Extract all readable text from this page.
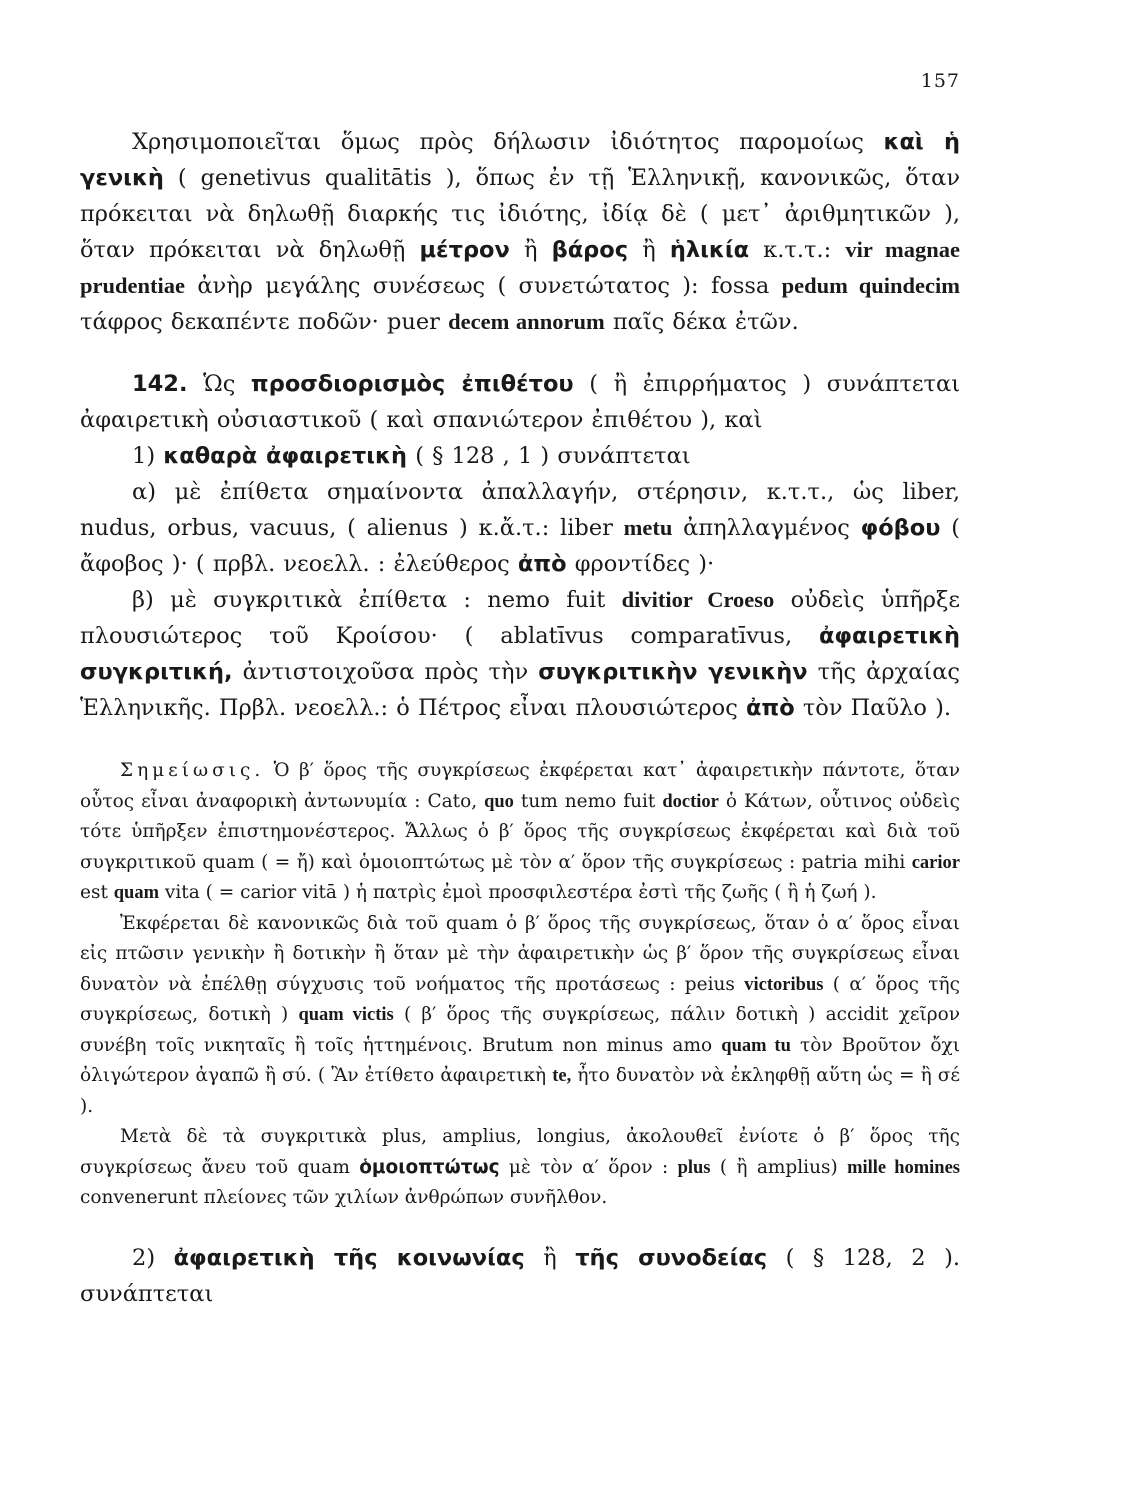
157

Χρησιμοποιεῖται ὅμως πρὸς δήλωσιν ἰδιότητος παρομοίως καὶ ἡ γενικὴ ( genetivus qualitātis ), ὅπως ἐν τῇ Ἑλληνικῇ, κανονικῶς, ὅταν πρόκειται νὰ δηλωθῇ διαρκής τις ἰδιότης, ἰδίᾳ δὲ ( μετ᾽ ἀριθμητικῶν ), ὅταν πρόκειται νὰ δηλωθῇ μέτρον ἢ βάρος ἢ ἡλικία κ.τ.τ.: vir magnae prudentiae ἀνὴρ μεγάλης συνέσεως ( συνετώτατος ): fossa pedum quindecim τάφρος δεκαπέντε ποδῶν· puer decem annorum παῖς δέκα ἐτῶν.

142. Ὡς προσδιορισμὸς ἐπιθέτου ( ἢ ἐπιρρήματος ) συνάπτεται ἀφαιρετικὴ οὐσιαστικοῦ ( καὶ σπανιώτερον ἐπιθέτου ), καὶ

1) καθαρὰ ἀφαιρετικὴ ( § 128 , 1 ) συνάπτεται

α) μὲ ἐπίθετα σημαίνοντα ἀπαλλαγήν, στέρησιν, κ.τ.τ., ὡς liber, nudus, orbus, vacuus, ( alienus ) κ.ἄ.τ.: liber metu ἀπηλλαγμένος φόβου ( ἄφοβος )· ( πρβλ. νεοελλ. : ἐλεύθερος ἀπὸ φροντίδες )·

β) μὲ συγκριτικὰ ἐπίθετα : nemo fuit divitior Croeso οὐδεὶς ὑπῆρξε πλουσιώτερος τοῦ Κροίσου· ( ablatīvus comparatīvus, ἀφαιρετικὴ συγκριτική, ἀντιστοιχοῦσα πρὸς τὴν συγκριτικὴν γενικὴν τῆς ἀρχαίας Ἑλληνικῆς. Πρβλ. νεοελλ.: ὁ Πέτρος εἶναι πλουσιώτερος ἀπὸ τὸν Παῦλο ).

Σημείωσις. Ὁ β′ ὅρος τῆς συγκρίσεως ἐκφέρεται κατ᾽ ἀφαιρετικὴν πάντοτε, ὅταν οὗτος εἶναι ἀναφορικὴ ἀντωνυμία : Cato, quo tum nemo fuit doctior ὁ Κάτων, οὗτινος οὐδεὶς τότε ὑπῆρξεν ἐπιστημονέστερος. Ἄλλως ὁ β′ ὅρος τῆς συγκρίσεως ἐκφέρεται καὶ διὰ τοῦ συγκριτικοῦ quam ( = ἤ) καὶ ὁμοιοπτώτως μὲ τὸν α′ ὅρον τῆς συγκρίσεως : patria mihi carior est quam vita ( = carior vitā ) ἡ πατρὶς ἐμοὶ προσφιλεστέρα ἐστὶ τῆς ζωῆς ( ἢ ἡ ζωή ).

Ἐκφέρεται δὲ κανονικῶς διὰ τοῦ quam ὁ β′ ὅρος τῆς συγκρίσεως, ὅταν ὁ α′ ὅρος εἶναι εἰς πτῶσιν γενικὴν ἢ δοτικὴν ἢ ὅταν μὲ τὴν ἀφαιρετικὴν ὡς β′ ὅρον τῆς συγκρίσεως εἶναι δυνατὸν νὰ ἐπέλθῃ σύγχυσις τοῦ νοήματος τῆς προτάσεως : peius victoribus ( α′ ὅρος τῆς συγκρίσεως, δοτικὴ ) quam victis ( β′ ὅρος τῆς συγκρίσεως, πάλιν δοτικὴ ) accidit χεῖρον συνέβη τοῖς νικηταῖς ἢ τοῖς ἡττημένοις. Brutum non minus amo quam tu τὸν Βροῦτον ὄχι ὀλιγώτερον ἀγαπῶ ἢ σύ. ( Ἂν ἐτίθετο ἀφαιρετικὴ te, ἦτο δυνατὸν νὰ ἐκληφθῇ αὕτη ὡς = ἢ σέ ).

Μετὰ δὲ τὰ συγκριτικὰ plus, amplius, longius, ἀκολουθεῖ ἐνίοτε ὁ β′ ὅρος τῆς συγκρίσεως ἄνευ τοῦ quam ὁμοιοπτώτως μὲ τὸν α′ ὅρον : plus ( ἢ amplius) mille homines convenerunt πλείονες τῶν χιλίων ἀνθρώπων συνῆλθον.

2) ἀφαιρετικὴ τῆς κοινωνίας ἢ τῆς συνοδείας ( § 128, 2 ). συνάπτεται
